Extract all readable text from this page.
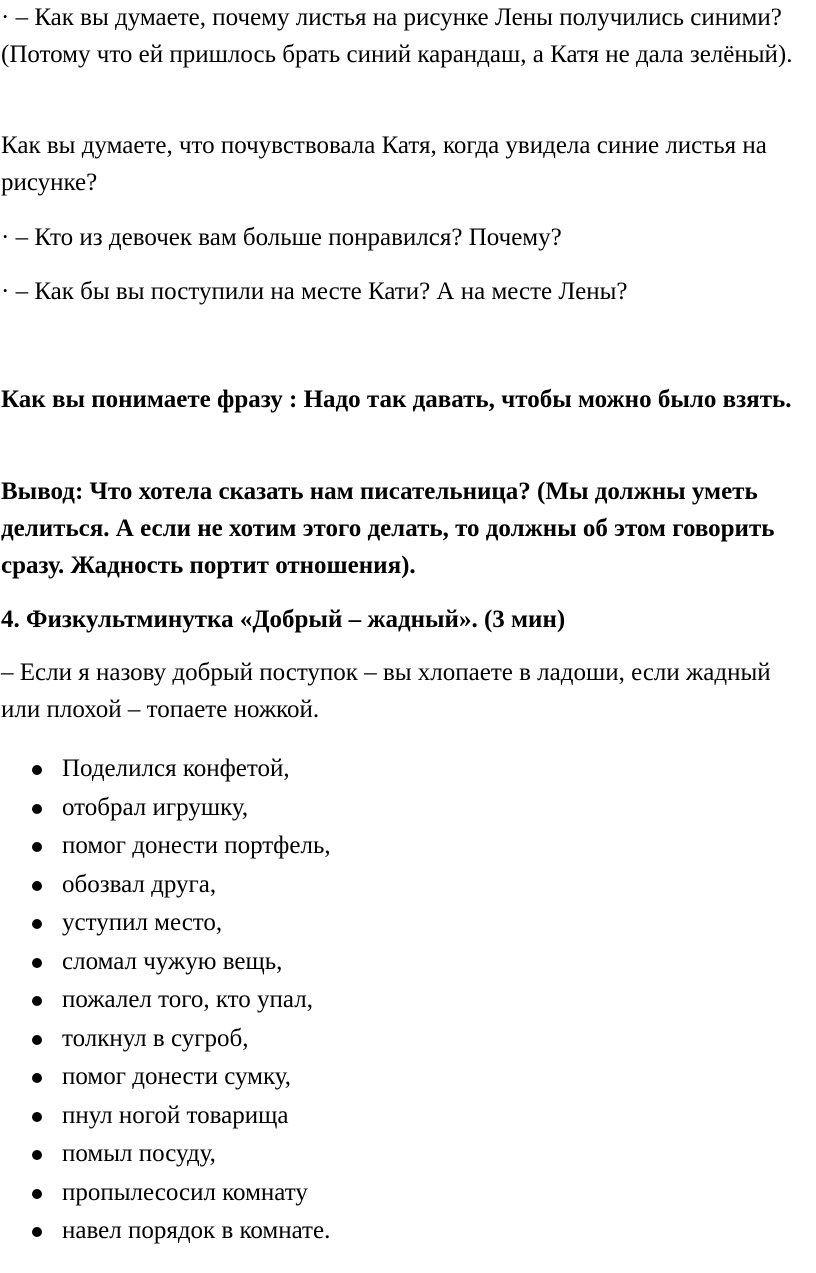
· – Как вы думаете, почему листья на рисунке Лены получились синими? (Потому что ей пришлось брать синий карандаш, а Катя не дала зелёный).

Как вы думаете, что почувствовала Катя, когда увидела синие листья на рисунке?

· – Кто из девочек вам больше понравился? Почему?

· – Как бы вы поступили на месте Кати? А на месте Лены?

Как вы понимаете фразу : Надо так давать, чтобы можно было взять.

Вывод: Что хотела сказать нам писательница? (Мы должны уметь делиться. А если не хотим этого делать, то должны об этом говорить сразу. Жадность портит отношения).

4. Физкультминутка «Добрый – жадный». (3 мин)

– Если я назову добрый поступок – вы хлопаете в ладоши, если жадный или плохой – топаете ножкой.

Поделился конфетой,
отобрал игрушку,
помог донести портфель,
обозвал друга,
уступил место,
сломал чужую вещь,
пожалел того, кто упал,
толкнул в сугроб,
помог донести сумку,
пнул ногой товарища
помыл посуду,
пропылесосил комнату
навел порядок в комнате.
